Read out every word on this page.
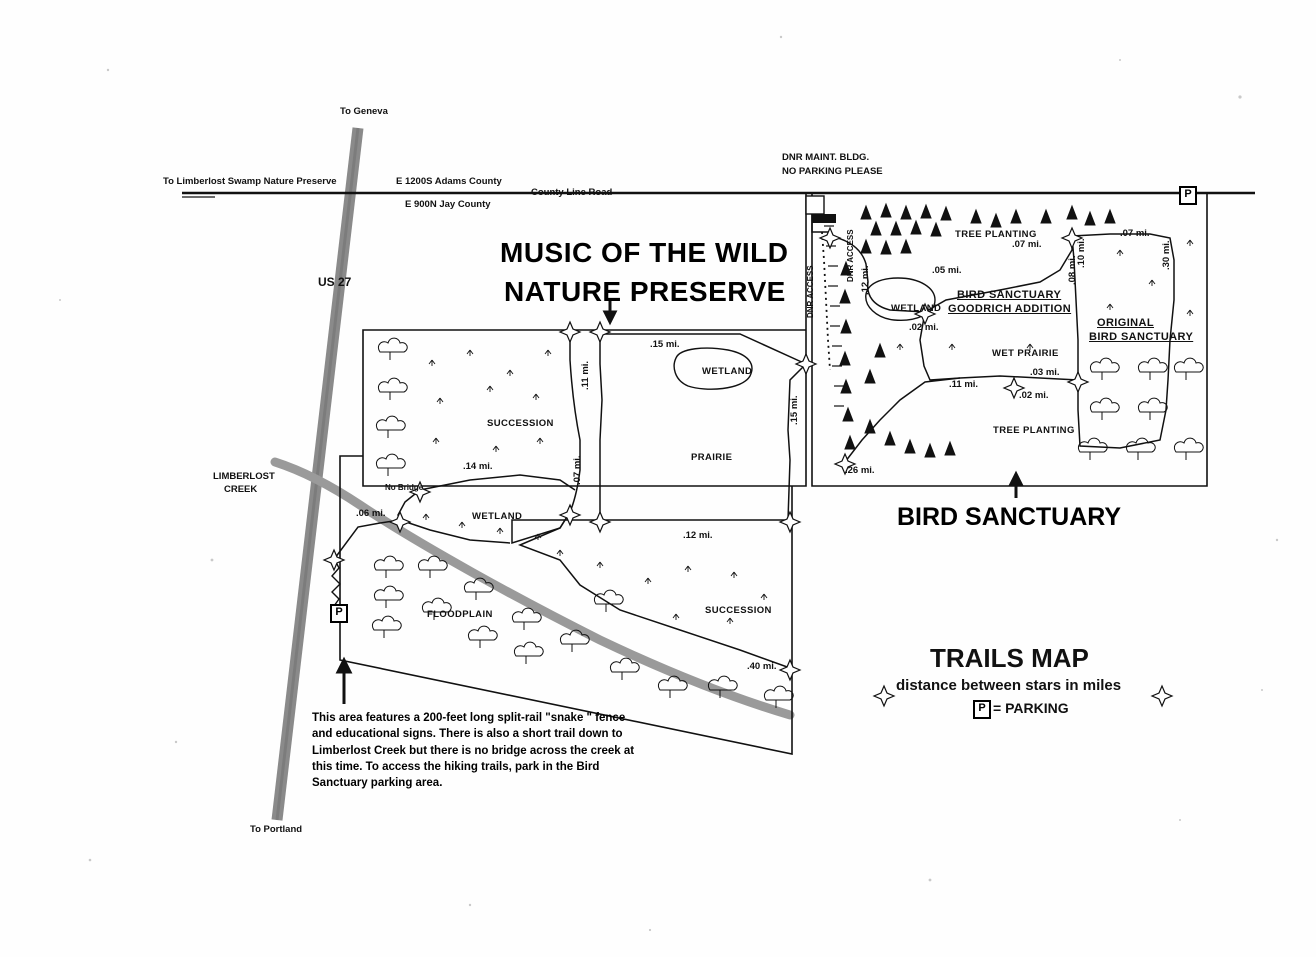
P
P
To Geneva
To Portland
US 27
County Line Road
E 1200S Adams County
E 900N Jay County
To Limberlost Swamp Nature Preserve
DNR MAINT. BLDG.
NO PARKING PLEASE
DNR ACCESS
DNR ACCESS
No Bridge
LIMBERLOST
CREEK
SUCCESSION
WETLAND
PRAIRIE
WETLAND
FLOODPLAIN	SUCCESSION
WETLAND
WET PRAIRIE
TREE PLANTING
TREE PLANTING
.15 mi.
.11 mi.
.14 mi.	.07 mi.
.06 mi.
.12 mi.
.15 mi.
.40 mi.
.26 mi.
.11 mi.
.02 mi.
.03 mi.
.02 mi.
.05 mi.
.12 mi.
.07 mi.
.07 mi.
.10 mi.
.08 mi.
.30 mi.
BIRD SANCTUARY
GOODRICH ADDITION
ORIGINAL
BIRD SANCTUARY
MUSIC OF THE WILD
NATURE PRESERVE
BIRD SANCTUARY
TRAILS MAP
distance between stars in miles
P = PARKING
This area features a 200-feet long split-rail "snake " fence and educational signs. There is also a short trail down to Limberlost Creek but there is no bridge across the creek at this time. To access the hiking trails, park in the Bird Sanctuary parking area.
